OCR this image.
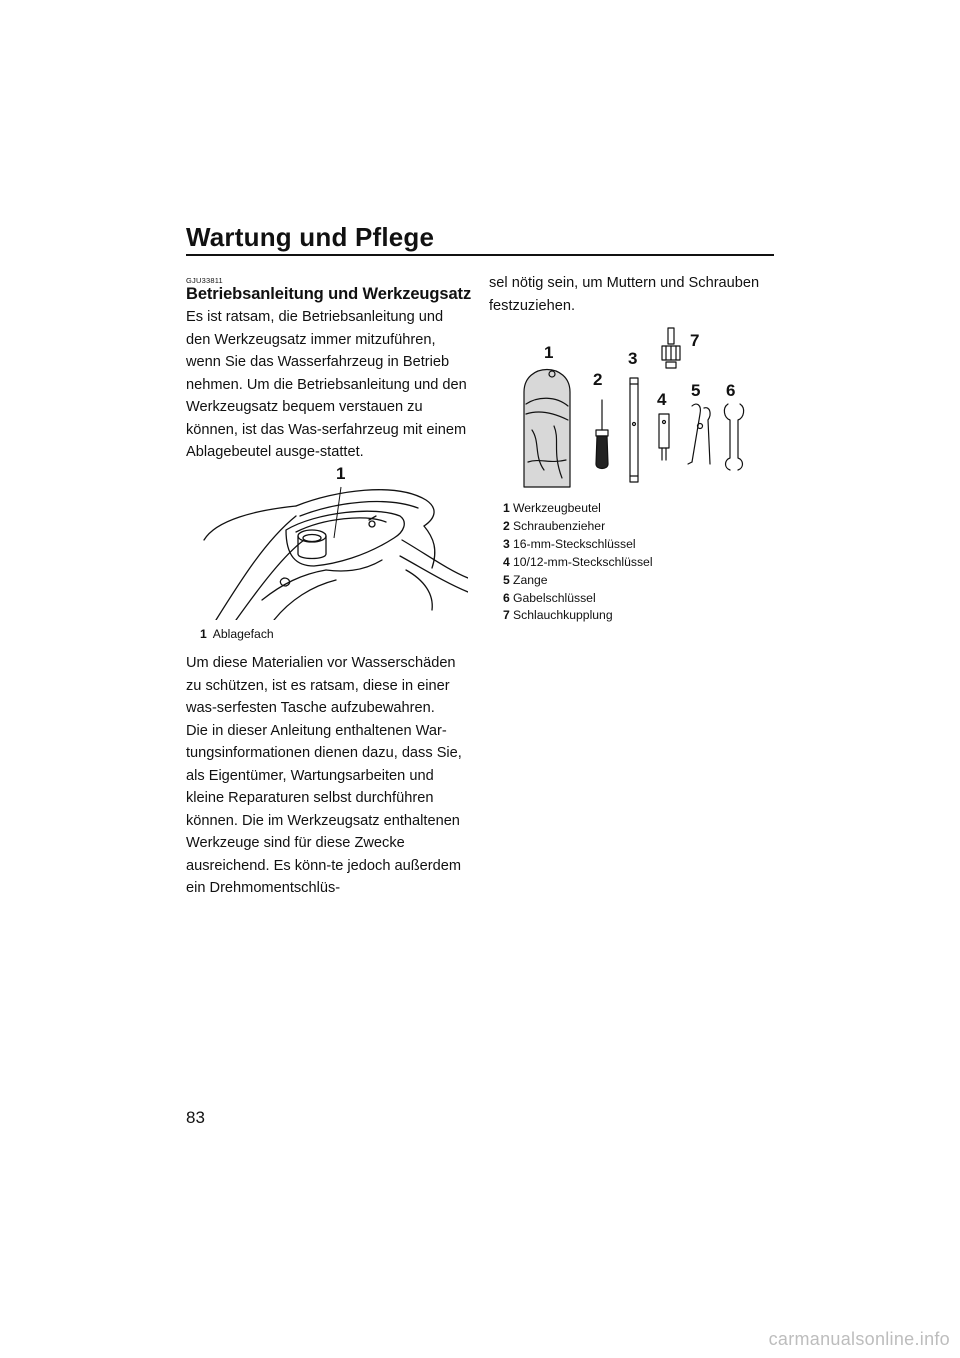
Wartung und Pflege
GJU33811
Betriebsanleitung und Werkzeugsatz

Es ist ratsam, die Betriebsanleitung und den Werkzeugsatz immer mitzuführen, wenn Sie das Wasserfahrzeug in Betrieb nehmen. Um die Betriebsanleitung und den Werkzeugsatz bequem verstauen zu können, ist das Was-serfahrzeug mit einem Ablagebeutel ausge-stattet.

1
1 Ablagefach

Um diese Materialien vor Wasserschäden zu schützen, ist es ratsam, diese in einer was-serfesten Tasche aufzubewahren.

Die in dieser Anleitung enthaltenen War-tungsinformationen dienen dazu, dass Sie, als Eigentümer, Wartungsarbeiten und kleine Reparaturen selbst durchführen können. Die im Werkzeugsatz enthaltenen Werkzeuge sind für diese Zwecke ausreichend. Es könn-te jedoch außerdem ein Drehmomentschlüs-

sel nötig sein, um Muttern und Schrauben festzuziehen.

1
2
3
4 5 6
7
1 Werkzeugbeutel
2 Schraubenzieher
3 16-mm-Steckschlüssel
4 10/12-mm-Steckschlüssel
5 Zange
6 Gabelschlüssel
7 Schlauchkupplung
83
carmanualsonline.info
